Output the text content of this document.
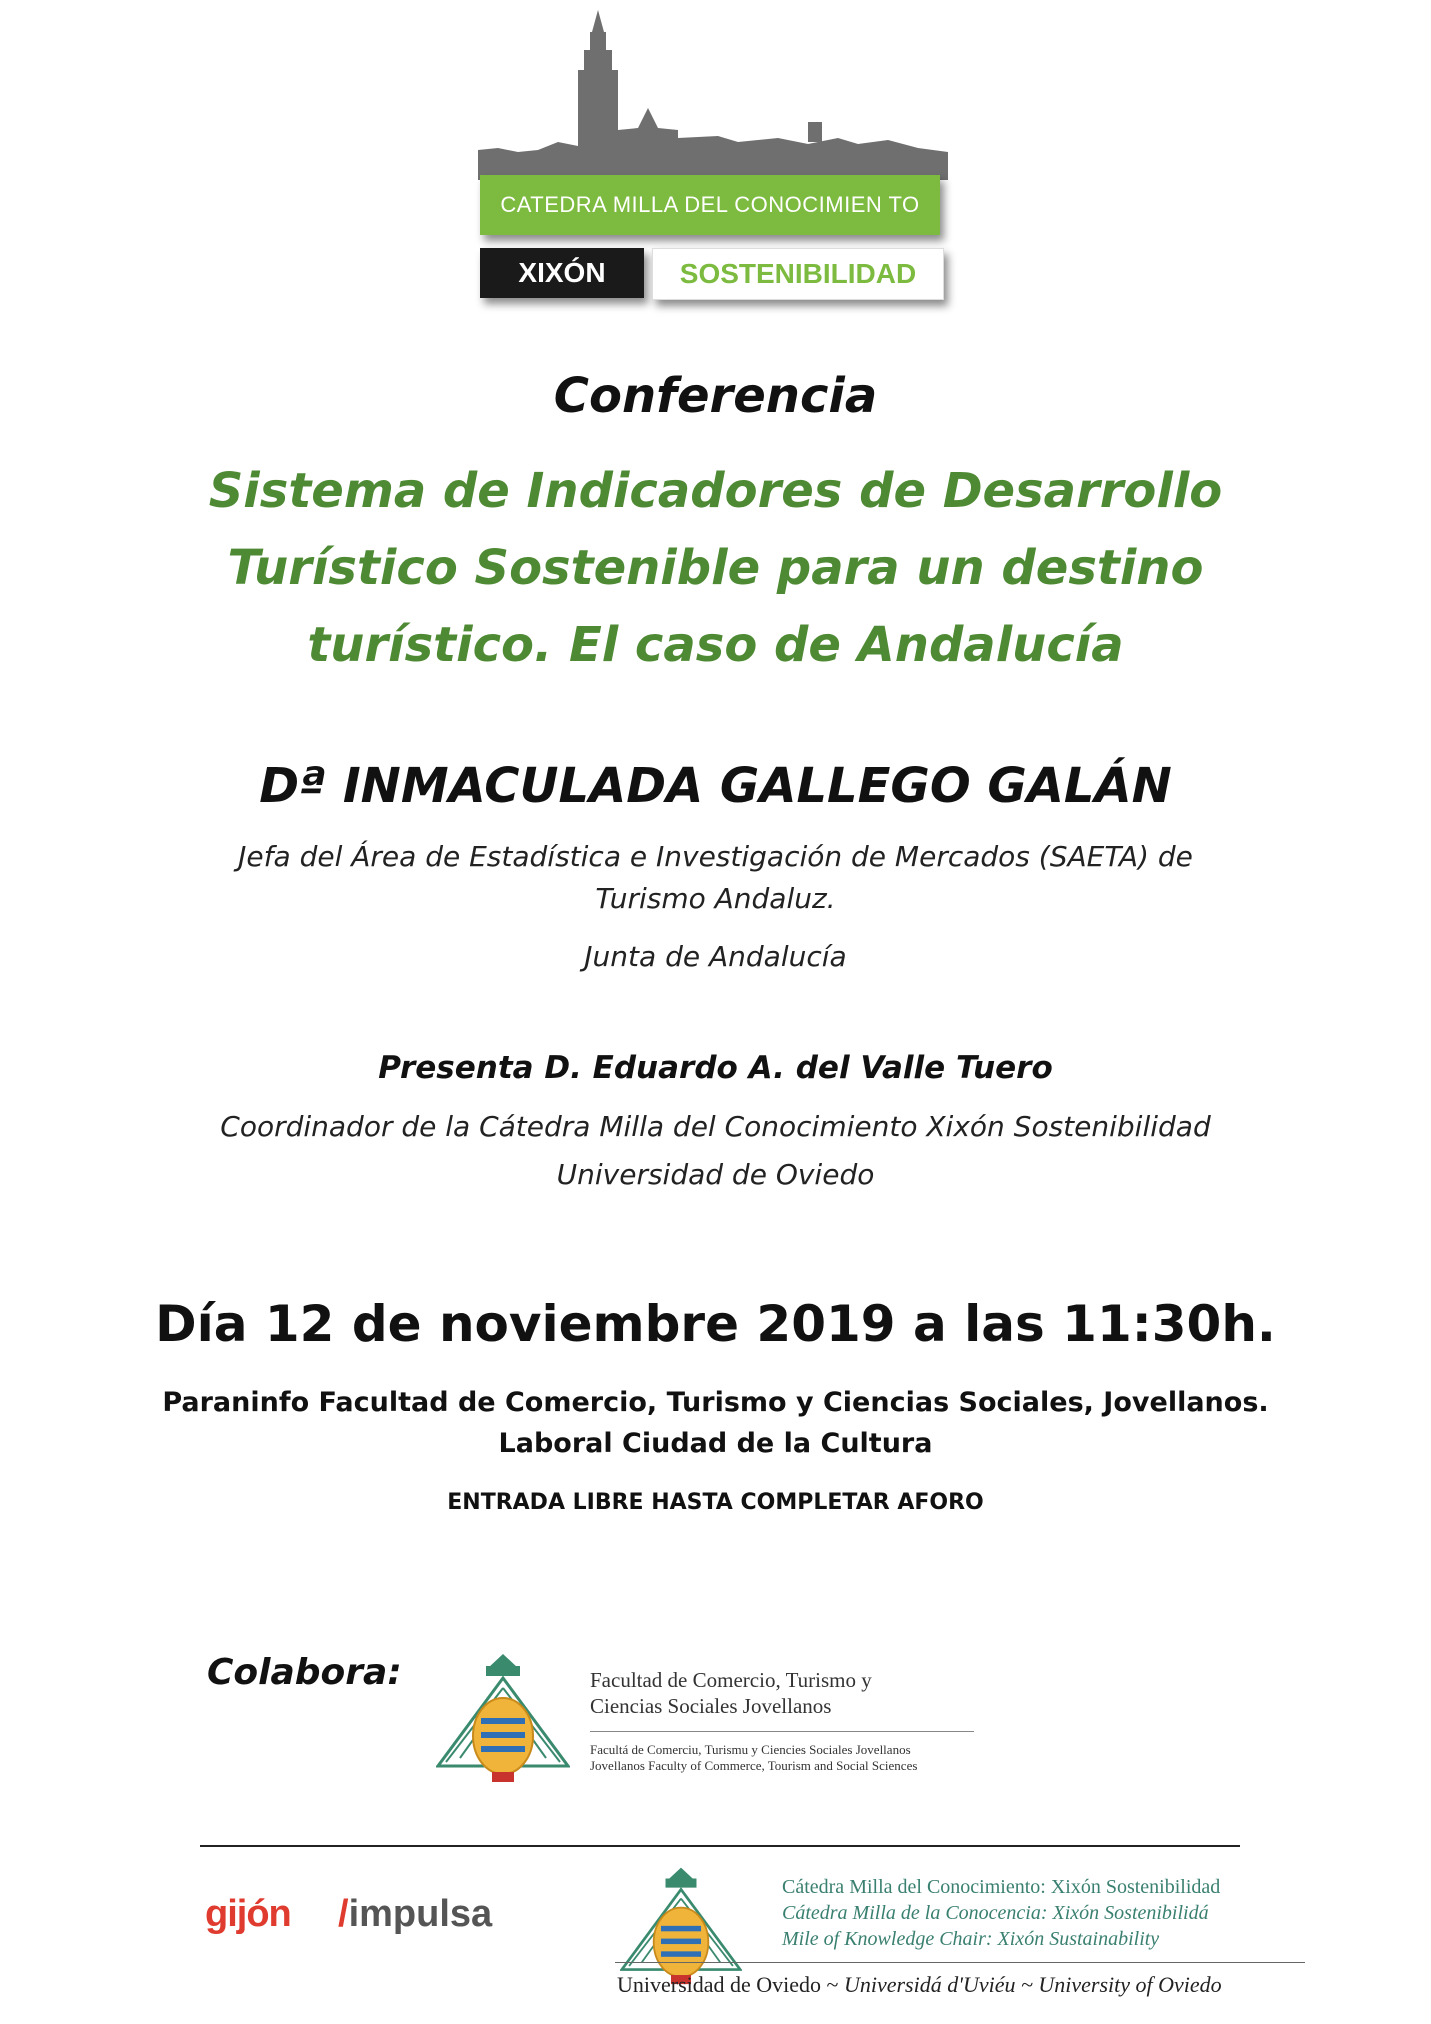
CATEDRA MILLA DEL CONOCIMIEN TO
XIXÓN	SOSTENIBILIDAD
Conferencia
Sistema de Indicadores de Desarrollo
Turístico Sostenible para un destino
turístico. El caso de Andalucía
Dª INMACULADA GALLEGO GALÁN
Jefa del Área de Estadística e Investigación de Mercados (SAETA) de
Turismo Andaluz.
Junta de Andalucía
Presenta D. Eduardo A. del Valle Tuero
Coordinador de la Cátedra Milla del Conocimiento Xixón Sostenibilidad
Universidad de Oviedo
Día 12 de noviembre 2019 a las 11:30h.
Paraninfo Facultad de Comercio, Turismo y Ciencias Sociales, Jovellanos.
Laboral Ciudad de la Cultura
ENTRADA LIBRE HASTA COMPLETAR AFORO
Colabora:	Facultad de Comercio, Turismo y
Ciencias Sociales Jovellanos
Facultá de Comerciu, Turismu y Ciencies Sociales Jovellanos
Jovellanos Faculty of Commerce, Tourism and Social Sciences
gijón /impulsa
Cátedra Milla del Conocimiento: Xixón Sostenibilidad
Cátedra Milla de la Conocencia: Xixón Sostenibilidá
Mile of Knowledge Chair: Xixón Sustainability
Universidad de Oviedo ~ Universidá d'Uviéu ~ University of Oviedo
